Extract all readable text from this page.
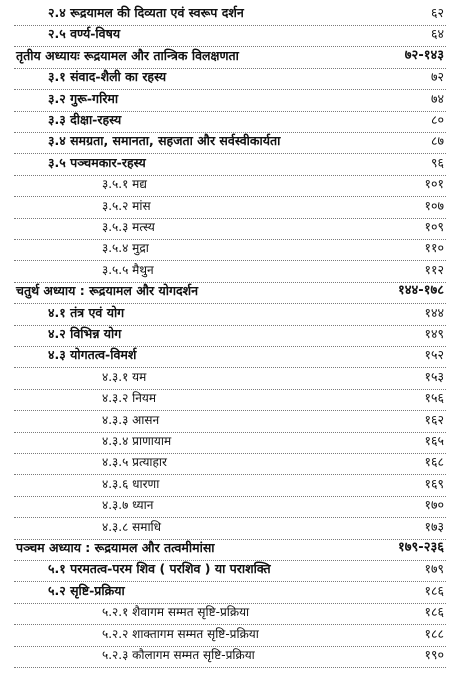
२.४ रूद्रयामल की दिव्यता एवं स्वरूप दर्शन	६२
२.५ वर्ण्य-विषय	६४
तृतीय अध्यायः रूद्रयामल और तान्त्रिक विलक्षणता	७२-१४३
३.१ संवाद-शैली का रहस्य	७२
३.२ गुरू-गरिमा	७४
३.३ दीक्षा-रहस्य	८०
३.४ समग्रता, समानता, सहजता और सर्वस्वीकार्यता	८७
३.५ पञ्चमकार-रहस्य	९६
३.५.१ मद्य	१०१
३.५.२ मांस	१०७
३.५.३ मत्स्य	१०९
३.५.४ मुद्रा	११०
३.५.५ मैथुन	११२
चतुर्थ अध्याय : रूद्रयामल और योगदर्शन	१४४-१७८
४.१ तंत्र एवं योग	१४४
४.२ विभिन्न योग	१४९
४.३ योगतत्व-विमर्श	१५२
४.३.१ यम	१५३
४.३.२ नियम	१५६
४.३.३ आसन	१६२
४.३.४ प्राणायाम	१६५
४.३.५ प्रत्याहार	१६८
४.३.६ धारणा	१६९
४.३.७ ध्यान	१७०
४.३.८ समाधि	१७३
पञ्चम अध्याय : रूद्रयामल और तत्वमीमांसा	१७९-२३६
५.१ परमतत्व-परम शिव ( परशिव ) या पराशक्ति	१७९
५.२ सृष्टि-प्रक्रिया	१८६
५.२.१ शैवागम सम्मत सृष्टि-प्रक्रिया	१८६
५.२.२ शाक्तागम सम्मत सृष्टि-प्रक्रिया	१८८
५.२.३ कौलागम सम्मत सृष्टि-प्रक्रिया	१९०
